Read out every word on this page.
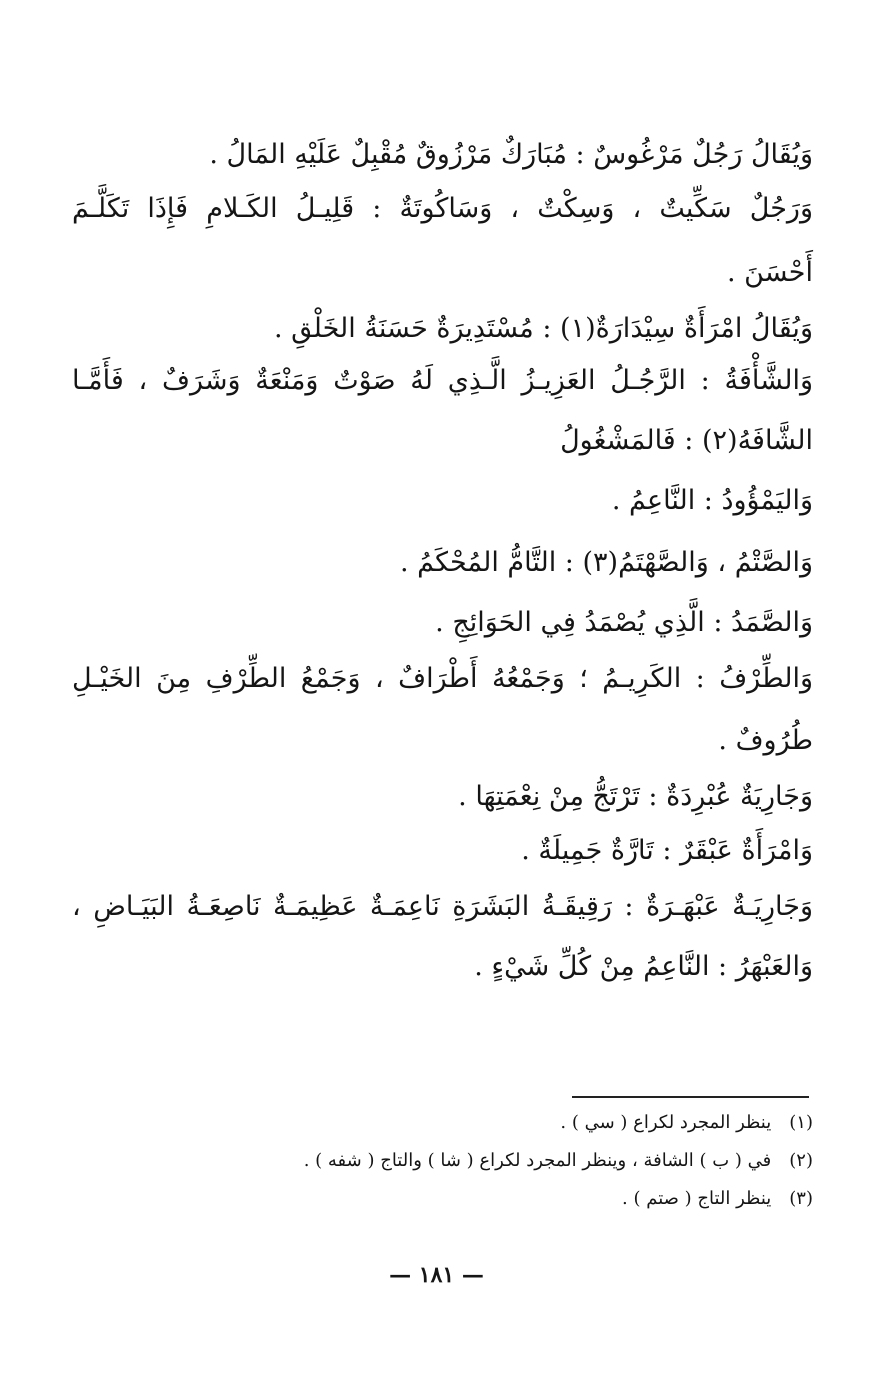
وَيُقَالُ رَجُلٌ مَرْغُوسٌ : مُبَارَكٌ مَرْزُوقٌ مُقْبِلٌ عَلَيْهِ المَالُ .
وَرَجُلٌ سَكِّيتٌ ، وَسِكْتٌ ، وَسَاكُوتَةٌ : قَلِيـلُ الكَـلامِ فَإِذَا تَكَلَّـمَ
أَحْسَنَ .
وَيُقَالُ امْرَأَةٌ سِيْدَارَةٌ(١) : مُسْتَدِيرَةٌ حَسَنَةُ الخَلْقِ .
وَالشَّأْفَةُ : الرَّجُـلُ العَزِيـزُ الَّـذِي لَهُ صَوْتٌ وَمَنْعَةٌ وَشَرَفٌ ، فَأَمَّـا
الشَّافَهُ(٢) : فَالمَشْغُولُ
وَاليَمْؤُودُ : النَّاعِمُ .
وَالصَّتْمُ ، وَالصَّهْتَمُ(٣) : التَّامُّ المُحْكَمُ .
وَالصَّمَدُ : الَّذِي يُصْمَدُ فِي الحَوَائِجِ .
وَالطِّرْفُ : الكَرِيـمُ ؛ وَجَمْعُهُ أَطْرَافٌ ، وَجَمْعُ الطِّرْفِ مِنَ الخَيْـلِ
طُرُوفٌ .
وَجَارِيَةٌ عُبْرِدَةٌ : تَرْتَجُّ مِنْ نِعْمَتِهَا .
وَامْرَأَةٌ عَبْقَرٌ : تَارَّةٌ جَمِيلَةٌ .
وَجَارِيَـةٌ عَبْهَـرَةٌ : رَقِيقَـةُ البَشَرَةِ نَاعِمَـةٌ عَظِيمَـةٌ نَاصِعَـةُ البَيَـاضِ ،
وَالعَبْهَرُ : النَّاعِمُ مِنْ كُلِّ شَيْءٍ .
(١)ينظر المجرد لكراع ( سي ) .
(٢)في ( ب ) الشافة ، وينظر المجرد لكراع ( شا ) والتاج ( شفه ) .
(٣)ينظر التاج ( صتم ) .
— ١٨١ —
